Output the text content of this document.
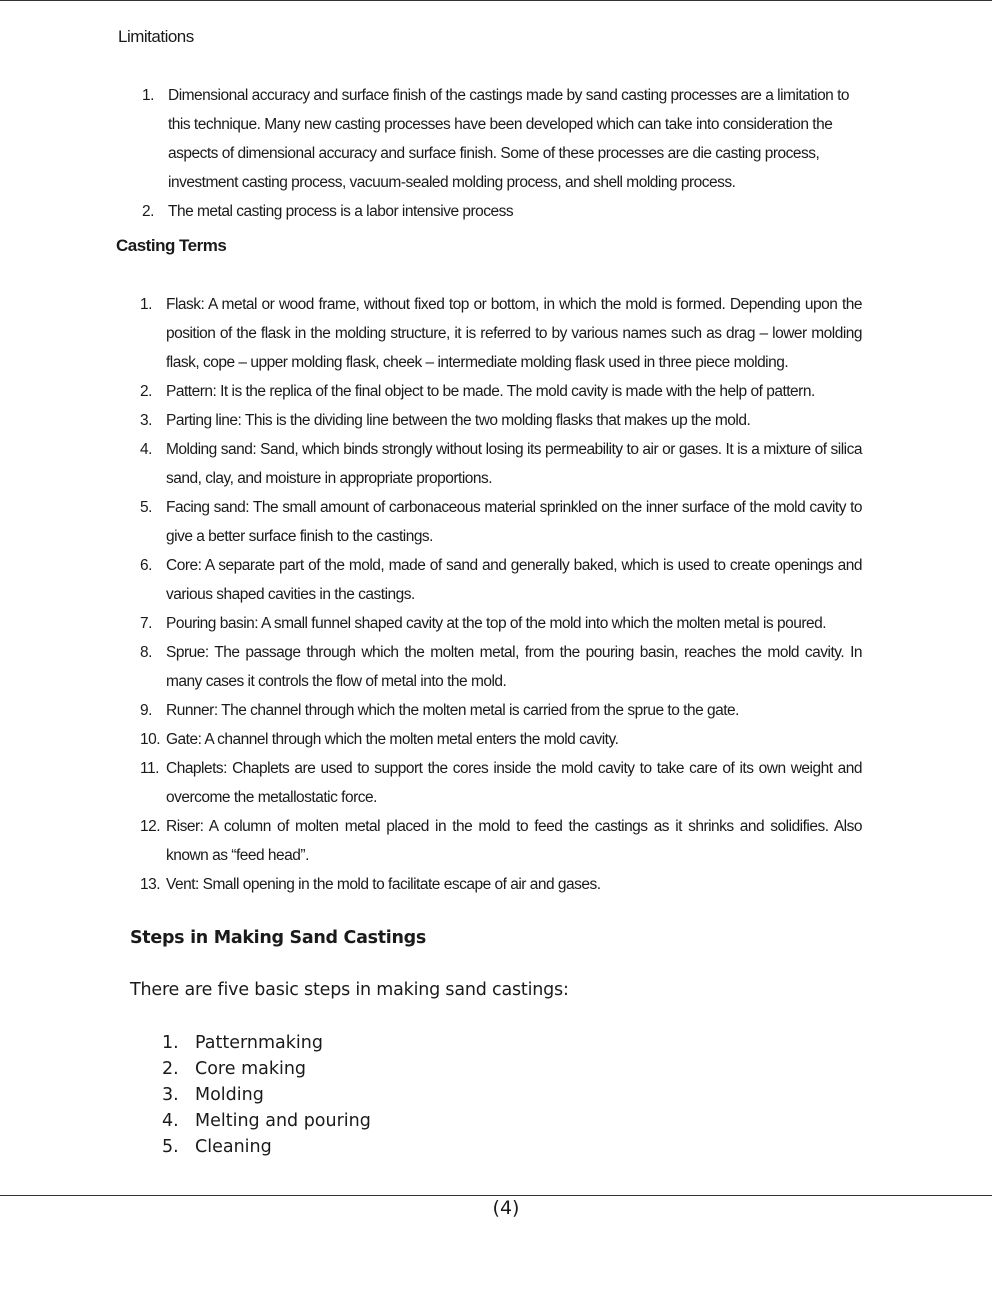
Limitations
1. Dimensional accuracy and surface finish of the castings made by sand casting processes are a limitation to this technique. Many new casting processes have been developed which can take into consideration the aspects of dimensional accuracy and surface finish. Some of these processes are die casting process, investment casting process, vacuum-sealed molding process, and shell molding process.
2. The metal casting process is a labor intensive process
Casting Terms
1. Flask: A metal or wood frame, without fixed top or bottom, in which the mold is formed. Depending upon the position of the flask in the molding structure, it is referred to by various names such as drag – lower molding flask, cope – upper molding flask, cheek – intermediate molding flask used in three piece molding.
2. Pattern: It is the replica of the final object to be made. The mold cavity is made with the help of pattern.
3. Parting line: This is the dividing line between the two molding flasks that makes up the mold.
4. Molding sand: Sand, which binds strongly without losing its permeability to air or gases. It is a mixture of silica sand, clay, and moisture in appropriate proportions.
5. Facing sand: The small amount of carbonaceous material sprinkled on the inner surface of the mold cavity to give a better surface finish to the castings.
6. Core: A separate part of the mold, made of sand and generally baked, which is used to create openings and various shaped cavities in the castings.
7. Pouring basin: A small funnel shaped cavity at the top of the mold into which the molten metal is poured.
8. Sprue: The passage through which the molten metal, from the pouring basin, reaches the mold cavity. In many cases it controls the flow of metal into the mold.
9. Runner: The channel through which the molten metal is carried from the sprue to the gate.
10. Gate: A channel through which the molten metal enters the mold cavity.
11. Chaplets: Chaplets are used to support the cores inside the mold cavity to take care of its own weight and overcome the metallostatic force.
12. Riser: A column of molten metal placed in the mold to feed the castings as it shrinks and solidifies. Also known as “feed head”.
13. Vent: Small opening in the mold to facilitate escape of air and gases.
Steps in Making Sand Castings
There are five basic steps in making sand castings:
1. Patternmaking
2. Core making
3. Molding
4. Melting and pouring
5. Cleaning
(4)
